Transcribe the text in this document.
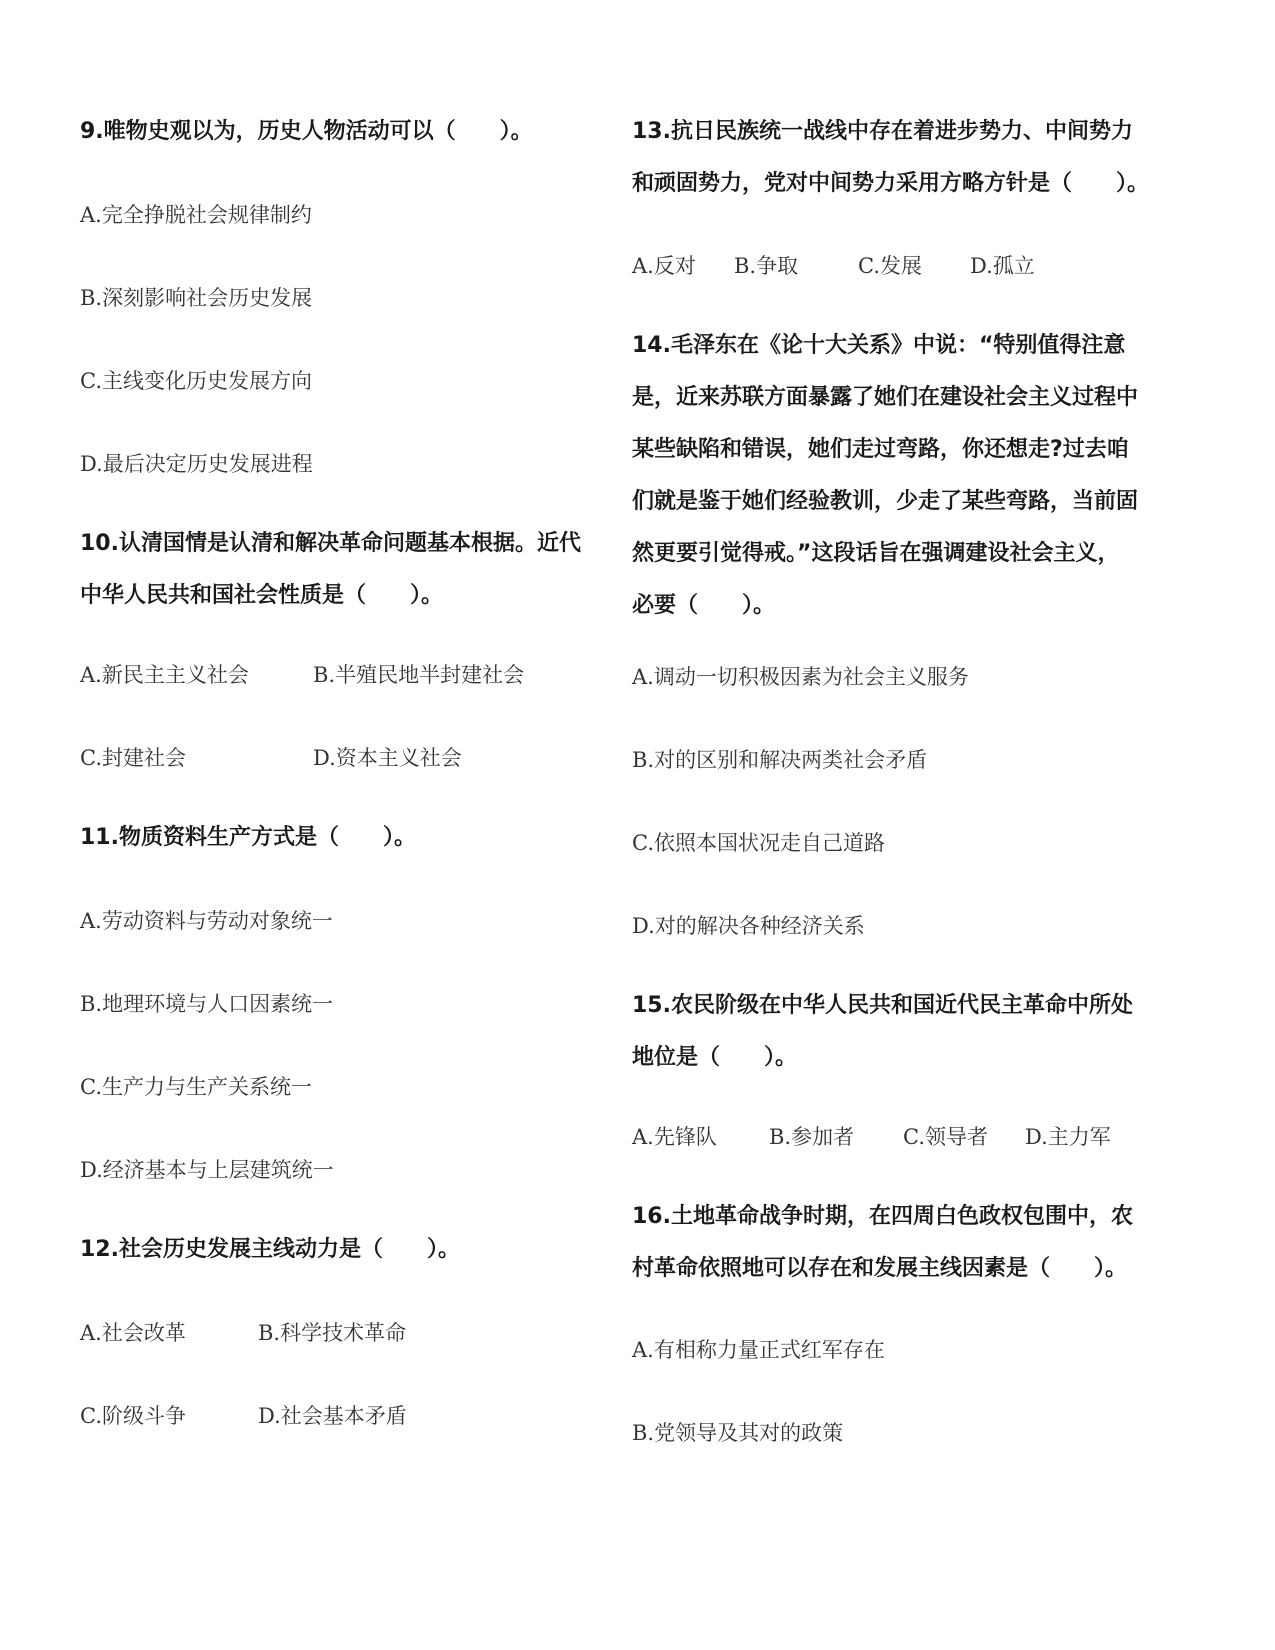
9.唯物史观以为，历史人物活动可以（　　）。
A.完全挣脱社会规律制约
B.深刻影响社会历史发展
C.主线变化历史发展方向
D.最后决定历史发展进程
10.认清国情是认清和解决革命问题基本根据。近代
中华人民共和国社会性质是（　　）。
A.新民主主义社会	B.半殖民地半封建社会
C.封建社会	D.资本主义社会
11.物质资料生产方式是（　　）。
A.劳动资料与劳动对象统一
B.地理环境与人口因素统一
C.生产力与生产关系统一
D.经济基本与上层建筑统一
12.社会历史发展主线动力是（　　）。
A.社会改革	B.科学技术革命
C.阶级斗争	D.社会基本矛盾
13.抗日民族统一战线中存在着进步势力、中间势力
和顽固势力，党对中间势力采用方略方针是（　　）。
A.反对 B.争取	C.发展 D.孤立
14.毛泽东在《论十大关系》中说：“特别值得注意
是，近来苏联方面暴露了她们在建设社会主义过程中
某些缺陷和错误，她们走过弯路，你还想走?过去咱
们就是鉴于她们经验教训，少走了某些弯路，当前固
然更要引觉得戒。”这段话旨在强调建设社会主义，
必要（　　）。
A.调动一切积极因素为社会主义服务
B.对的区别和解决两类社会矛盾
C.依照本国状况走自己道路
D.对的解决各种经济关系
15.农民阶级在中华人民共和国近代民主革命中所处
地位是（　　）。
A.先锋队 B.参加者 C.领导者 D.主力军
16.土地革命战争时期，在四周白色政权包围中，农
村革命依照地可以存在和发展主线因素是（　　）。
A.有相称力量正式红军存在
B.党领导及其对的政策
